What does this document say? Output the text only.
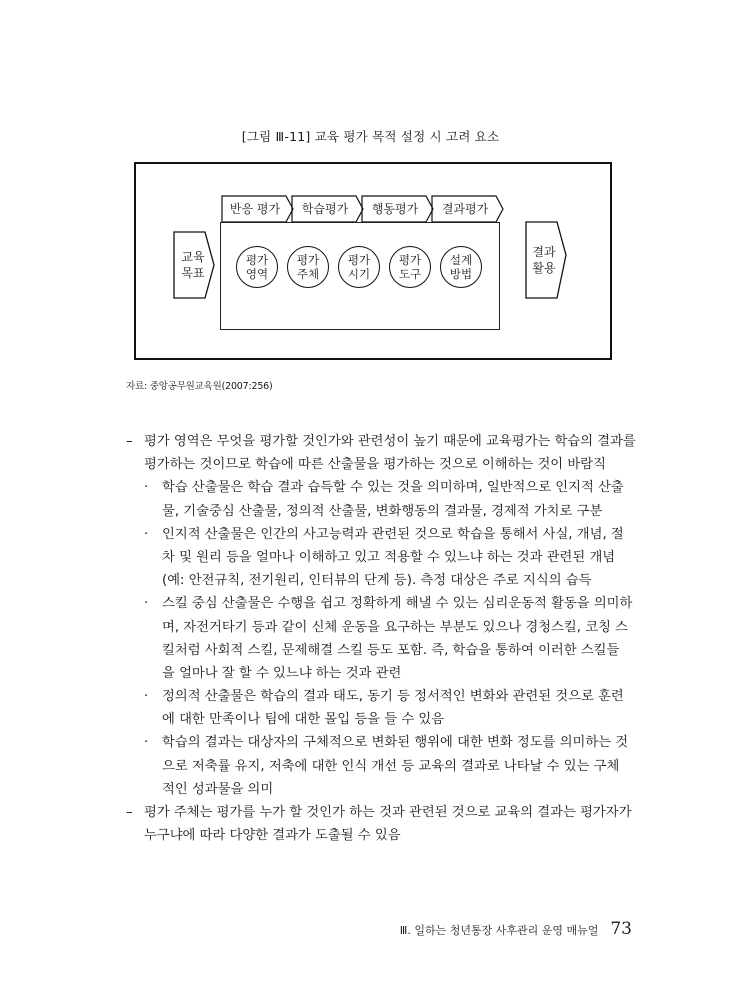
[그림 Ⅲ-11] 교육 평가 목적 설정 시 고려 요소
교육
목표
결과
활용
반응 평가	학습평가	행동평가	결과평가
평가
영역
평가
주체
평가
시기
평가
도구
설계
방법
자료: 중앙공무원교육원(2007:256)
– 평가 영역은 무엇을 평가할 것인가와 관련성이 높기 때문에 교육평가는 학습의 결과를
평가하는 것이므로 학습에 따른 산출물을 평가하는 것으로 이해하는 것이 바람직
· 학습 산출물은 학습 결과 습득할 수 있는 것을 의미하며, 일반적으로 인지적 산출
물, 기술중심 산출물, 정의적 산출물, 변화행동의 결과물, 경제적 가치로 구분
· 인지적 산출물은 인간의 사고능력과 관련된 것으로 학습을 통해서 사실, 개념, 절
차 및 원리 등을 얼마나 이해하고 있고 적용할 수 있느냐 하는 것과 관련된 개념
(예: 안전규칙, 전기원리, 인터뷰의 단계 등). 측정 대상은 주로 지식의 습득
· 스킬 중심 산출물은 수행을 쉽고 정확하게 해낼 수 있는 심리운동적 활동을 의미하
며, 자전거타기 등과 같이 신체 운동을 요구하는 부분도 있으나 경청스킬, 코칭 스
킬처럼 사회적 스킬, 문제해결 스킬 등도 포함. 즉, 학습을 통하여 이러한 스킬들
을 얼마나 잘 할 수 있느냐 하는 것과 관련
· 정의적 산출물은 학습의 결과 태도, 동기 등 정서적인 변화와 관련된 것으로 훈련
에 대한 만족이나 팀에 대한 몰입 등을 들 수 있음
· 학습의 결과는 대상자의 구체적으로 변화된 행위에 대한 변화 정도를 의미하는 것
으로 저축률 유지, 저축에 대한 인식 개선 등 교육의 결과로 나타날 수 있는 구체
적인 성과물을 의미
– 평가 주체는 평가를 누가 할 것인가 하는 것과 관련된 것으로 교육의 결과는 평가자가
누구냐에 따라 다양한 결과가 도출될 수 있음
Ⅲ. 일하는 청년통장 사후관리 운영 매뉴얼 73
